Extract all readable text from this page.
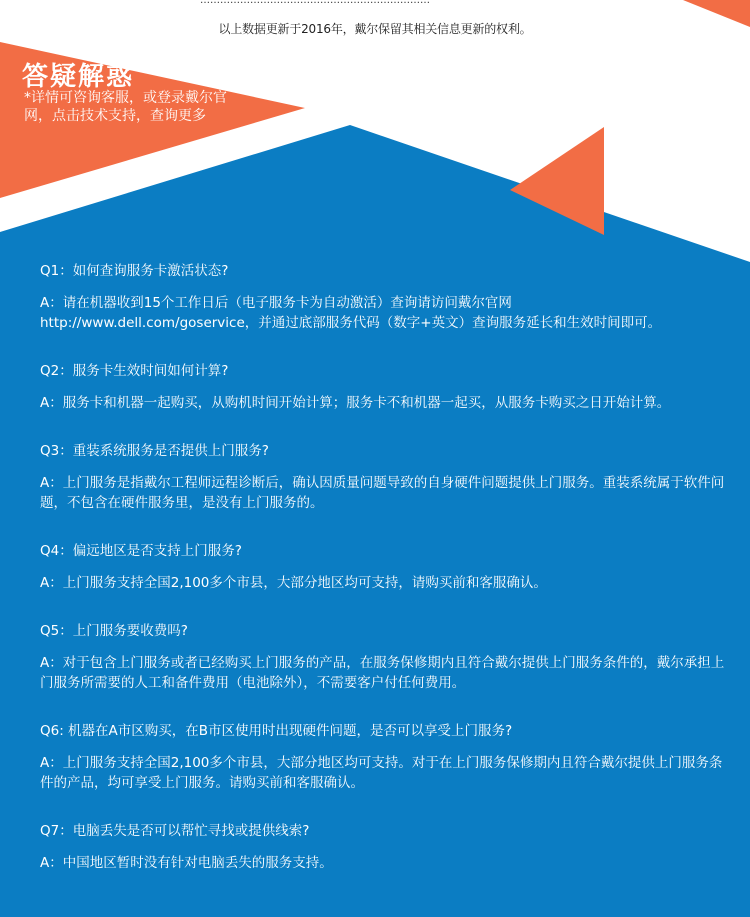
……………………………………………………………
以上数据更新于2016年，戴尔保留其相关信息更新的权利。
答疑解惑
*详情可咨询客服，或登录戴尔官网，点击技术支持，查询更多
Q1：如何查询服务卡激活状态?
A：请在机器收到15个工作日后（电子服务卡为自动激活）查询请访问戴尔官网http://www.dell.com/goservice，并通过底部服务代码（数字+英文）查询服务延长和生效时间即可。
Q2：服务卡生效时间如何计算?
A：服务卡和机器一起购买，从购机时间开始计算；服务卡不和机器一起买，从服务卡购买之日开始计算。
Q3：重装系统服务是否提供上门服务?
A：上门服务是指戴尔工程师远程诊断后，确认因质量问题导致的自身硬件问题提供上门服务。重装系统属于软件问题，不包含在硬件服务里，是没有上门服务的。
Q4：偏远地区是否支持上门服务?
A：上门服务支持全国2,100多个市县，大部分地区均可支持，请购买前和客服确认。
Q5：上门服务要收费吗?
A：对于包含上门服务或者已经购买上门服务的产品，在服务保修期内且符合戴尔提供上门服务条件的，戴尔承担上门服务所需要的人工和备件费用（电池除外），不需要客户付任何费用。
Q6: 机器在A市区购买，在B市区使用时出现硬件问题，是否可以享受上门服务?
A：上门服务支持全国2,100多个市县，大部分地区均可支持。对于在上门服务保修期内且符合戴尔提供上门服务条件的产品，均可享受上门服务。请购买前和客服确认。
Q7：电脑丢失是否可以帮忙寻找或提供线索?
A：中国地区暂时没有针对电脑丢失的服务支持。
